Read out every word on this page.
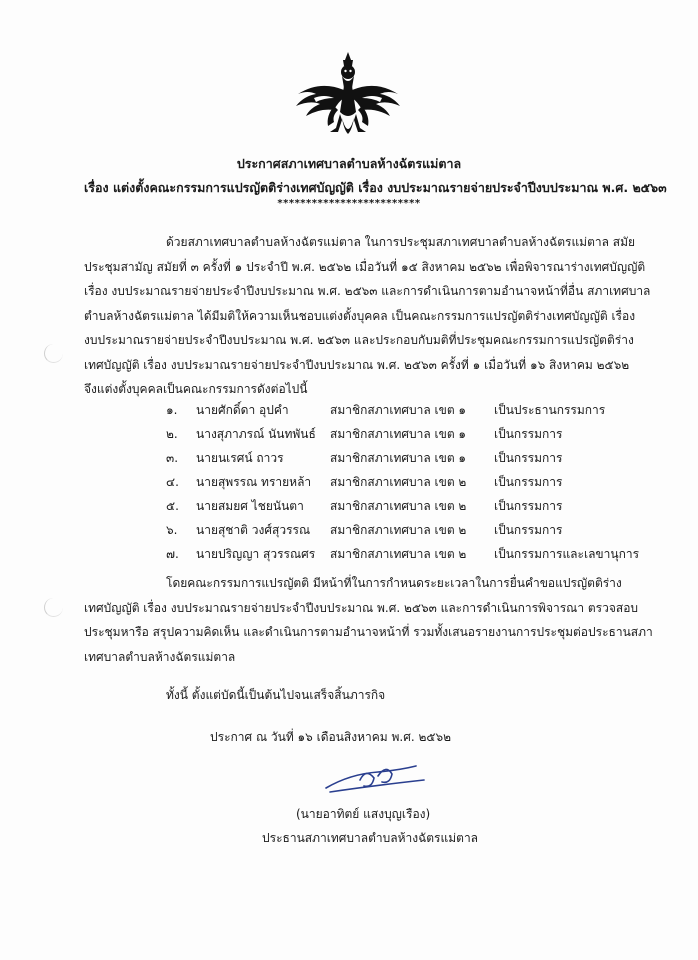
ประกาศสภาเทศบาลตำบลห้างฉัตรแม่ตาล
เรื่อง แต่งตั้งคณะกรรมการแปรญัตติร่างเทศบัญญัติ เรื่อง งบประมาณรายจ่ายประจำปีงบประมาณ พ.ศ. ๒๕๖๓
*************************
ด้วยสภาเทศบาลตำบลห้างฉัตรแม่ตาล ในการประชุมสภาเทศบาลตำบลห้างฉัตรแม่ตาล สมัย
ประชุมสามัญ สมัยที่ ๓ ครั้งที่ ๑ ประจำปี พ.ศ. ๒๕๖๒ เมื่อวันที่ ๑๕ สิงหาคม ๒๕๖๒ เพื่อพิจารณาร่างเทศบัญญัติ
เรื่อง งบประมาณรายจ่ายประจำปีงบประมาณ พ.ศ. ๒๕๖๓ และการดำเนินการตามอำนาจหน้าที่อื่น สภาเทศบาล
ตำบลห้างฉัตรแม่ตาล ได้มีมติให้ความเห็นชอบแต่งตั้งบุคคล เป็นคณะกรรมการแปรญัตติร่างเทศบัญญัติ เรื่อง
งบประมาณรายจ่ายประจำปีงบประมาณ พ.ศ. ๒๕๖๓ และประกอบกับมติที่ประชุมคณะกรรมการแปรญัตติร่าง
เทศบัญญัติ เรื่อง งบประมาณรายจ่ายประจำปีงบประมาณ พ.ศ. ๒๕๖๓ ครั้งที่ ๑ เมื่อวันที่ ๑๖ สิงหาคม ๒๕๖๒
จึงแต่งตั้งบุคคลเป็นคณะกรรมการดังต่อไปนี้
๑. นายศักดิ์ดา อุปคำ	สมาชิกสภาเทศบาล เขต ๑ เป็นประธานกรรมการ
๒. นางสุภาภรณ์ นันทพันธ์ สมาชิกสภาเทศบาล เขต ๑ เป็นกรรมการ
๓. นายนเรศน์ ถาวร	สมาชิกสภาเทศบาล เขต ๑ เป็นกรรมการ
๔. นายสุพรรณ ทรายหล้า สมาชิกสภาเทศบาล เขต ๒ เป็นกรรมการ
๕. นายสมยศ ไชยนันตา สมาชิกสภาเทศบาล เขต ๒ เป็นกรรมการ
๖. นายสุชาติ วงศ์สุวรรณ สมาชิกสภาเทศบาล เขต ๒ เป็นกรรมการ
๗. นายปริญญา สุวรรณศร สมาชิกสภาเทศบาล เขต ๒ เป็นกรรมการและเลขานุการ
โดยคณะกรรมการแปรญัตติ มีหน้าที่ในการกำหนดระยะเวลาในการยื่นคำขอแปรญัตติร่าง
เทศบัญญัติ เรื่อง งบประมาณรายจ่ายประจำปีงบประมาณ พ.ศ. ๒๕๖๓ และการดำเนินการพิจารณา ตรวจสอบ
ประชุมหารือ สรุปความคิดเห็น และดำเนินการตามอำนาจหน้าที่ รวมทั้งเสนอรายงานการประชุมต่อประธานสภา
เทศบาลตำบลห้างฉัตรแม่ตาล
ทั้งนี้ ตั้งแต่บัดนี้เป็นต้นไปจนเสร็จสิ้นภารกิจ
ประกาศ ณ วันที่ ๑๖ เดือนสิงหาคม พ.ศ. ๒๕๖๒
(นายอาทิตย์ แสงบุญเรือง)
ประธานสภาเทศบาลตำบลห้างฉัตรแม่ตาล
